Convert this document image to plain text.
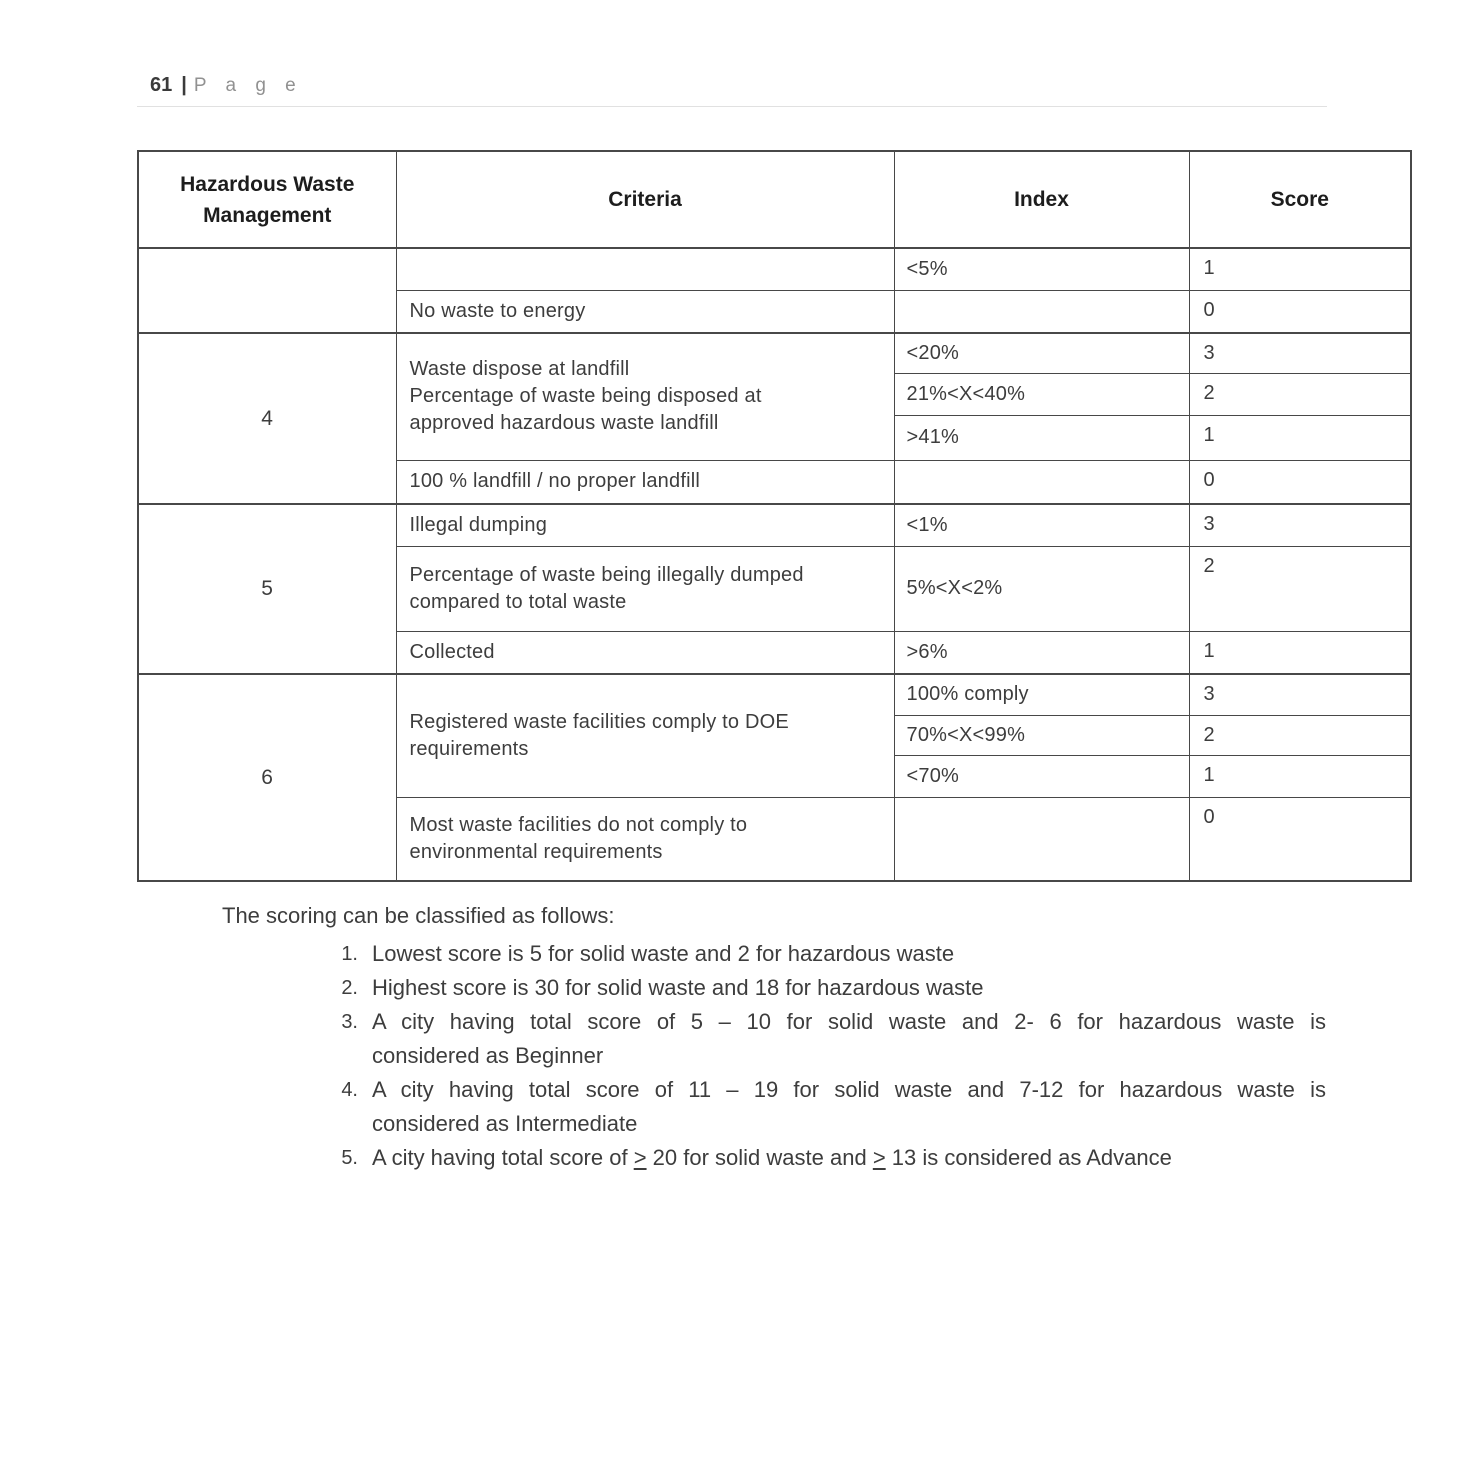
61 | P a g e
Hazardous Waste Management	Criteria	Index	Score
		<5%	1
	No waste to energy		0
4	Waste dispose at landfill
Percentage of waste being disposed at
approved hazardous waste landfill	<20%	3
		21%<X<40%	2
		>41%	1
	100 % landfill / no proper landfill		0
5	Illegal dumping	<1%	3

	Percentage of waste being illegally dumped
compared to total waste	5%<X<2%	2
	Collected	>6%	1
6	Registered waste facilities comply to DOE
requirements	100% comply	3
		70%<X<99%	2
		<70%	1

	Most waste facilities do not comply to
environmental requirements		0
The scoring can be classified as follows:
1. Lowest score is 5 for solid waste and 2 for hazardous waste
2. Highest score is 30 for solid waste and 18 for hazardous waste
3. A city having total score of 5 – 10 for solid waste and 2- 6 for hazardous waste is
considered as Beginner
4. A city having total score of 11 – 19 for solid waste and 7-12 for hazardous waste is
considered as Intermediate
5. A city having total score of > 20 for solid waste and > 13 is considered as Advance
